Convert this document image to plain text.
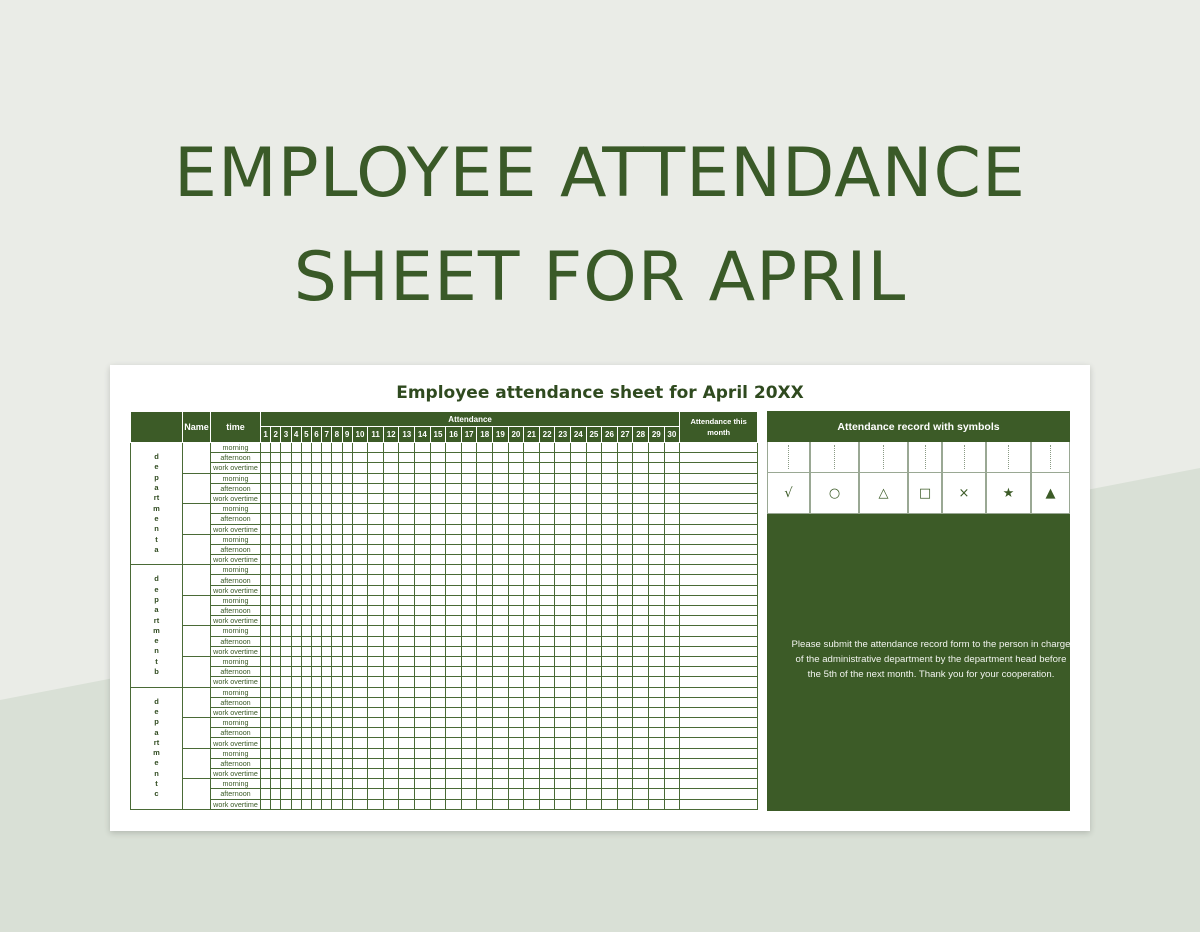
EMPLOYEE ATTENDANCE
SHEET FOR APRIL
Employee attendance sheet for April 20XX
	Name	time	Attendance																														Attendance this month
			1	2	3	4	5	6	7	8	9	10	11	12	13	14	15	16	17	18	19	20	21	22	23	24	25	26	27	28	29	30	
department a		morning																															
		afternoon																															
		work overtime																															
		morning																															
		afternoon																															
		work overtime																															
		morning																															
		afternoon																															
		work overtime																															
		morning																															
		afternoon																															
		work overtime																															
department b		morning																															
		afternoon																															
		work overtime																															
		morning																															
		afternoon																															
		work overtime																															
		morning																															
		afternoon																															
		work overtime																															
		morning																															
		afternoon																															
		work overtime																															
department c		morning																															
		afternoon																															
		work overtime																															
		morning																															
		afternoon																															
		work overtime																															
		morning																															
		afternoon																															
		work overtime																															
		morning																															
		afternoon																															
		work overtime																															
Attendance record with symbols
√	○	△ □ ×	★ ▲
Please submit the attendance record form to the person in charge
of the administrative department by the department head before
the 5th of the next month. Thank you for your cooperation.
